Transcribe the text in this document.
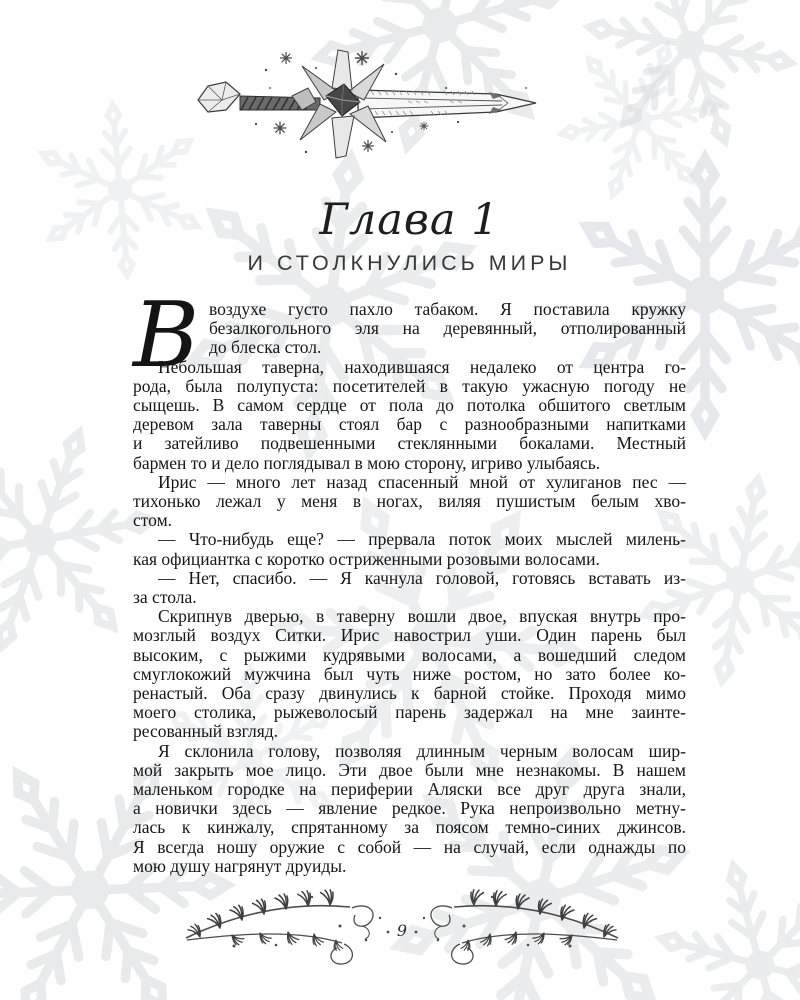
Глава 1
И СТОЛКНУЛИСЬ МИРЫ
В воздухе густо пахло табаком. Я поставила кружку
безалкогольного эля на деревянный, отполированный
до блеска стол.
Небольшая таверна, находившаяся недалеко от центра го-
рода, была полупуста: посетителей в такую ужасную погоду не
сыщешь. В самом сердце от пола до потолка обшитого светлым
деревом зала таверны стоял бар с разнообразными напитками
и затейливо подвешенными стеклянными бокалами. Местный
бармен то и дело поглядывал в мою сторону, игриво улыбаясь.
Ирис — много лет назад спасенный мной от хулиганов пес —
тихонько лежал у меня в ногах, виляя пушистым белым хво-
стом.
— Что-нибудь еще? — прервала поток моих мыслей милень-
кая официантка с коротко остриженными розовыми волосами.
— Нет, спасибо. — Я качнула головой, готовясь вставать из-
за стола.
Скрипнув дверью, в таверну вошли двое, впуская внутрь про-
мозглый воздух Ситки. Ирис навострил уши. Один парень был
высоким, с рыжими кудрявыми волосами, а вошедший следом
смуглокожий мужчина был чуть ниже ростом, но зато более ко-
ренастый. Оба сразу двинулись к барной стойке. Проходя мимо
моего столика, рыжеволосый парень задержал на мне заинте-
ресованный взгляд.
Я склонила голову, позволяя длинным черным волосам шир-
мой закрыть мое лицо. Эти двое были мне незнакомы. В нашем
маленьком городке на периферии Аляски все друг друга знали,
а новички здесь — явление редкое. Рука непроизвольно метну-
лась к кинжалу, спрятанному за поясом темно-синих джинсов.
Я всегда ношу оружие с собой — на случай, если однажды по
мою душу нагрянут друиды.
9
